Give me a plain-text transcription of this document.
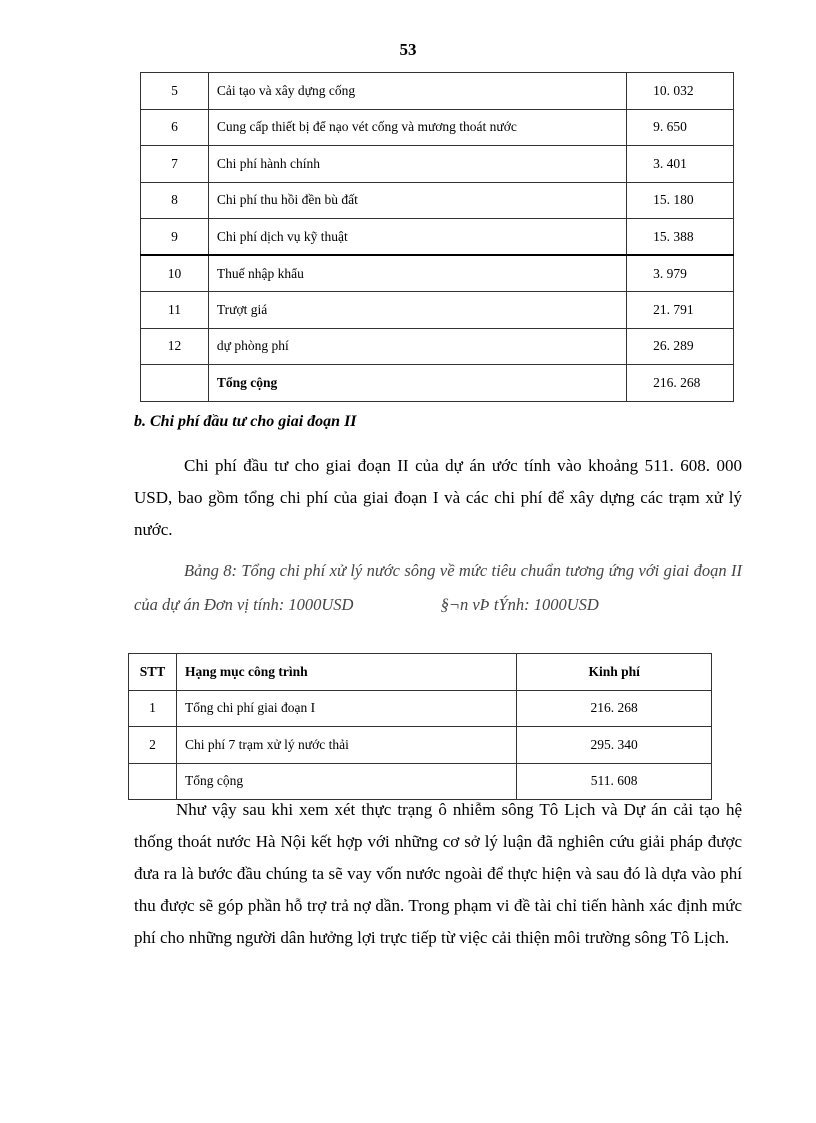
53
5	Cải tạo và xây dựng cống	10. 032
6	Cung cấp thiết bị để nạo vét cống và mương thoát nước	9. 650
7	Chi phí hành chính	3. 401
8	Chi phí thu hồi đền bù đất	15. 180
9	Chi phí dịch vụ kỹ thuật	15. 388
10	Thuế nhập khẩu	3. 979
11	Trượt giá	21. 791
12	dự phòng phí	26. 289
	Tổng cộng	216. 268
b. Chi phí đầu tư cho giai đoạn II
Chi phí đầu tư cho giai đoạn II của dự án ước tính vào khoảng 511. 608. 000 USD, bao gồm tổng chi phí của giai đoạn I và các chi phí để xây dựng các trạm xử lý nước.
Bảng 8: Tổng chi phí xử lý nước sông về mức tiêu chuẩn tương ứng với giai đoạn II của dự án Đơn vị tính: 1000USD	§¬n vÞ tÝnh: 1000USD
STT	Hạng mục công trình	Kinh phí
1	Tổng chi phí giai đoạn I	216. 268
2	Chi phí 7 trạm xử lý nước thải	295. 340
	Tổng cộng	511. 608
Như vậy sau khi xem xét thực trạng ô nhiễm sông Tô Lịch và Dự án cải tạo hệ thống thoát nước Hà Nội kết hợp với những cơ sở lý luận đã nghiên cứu giải pháp được đưa ra là bước đầu chúng ta sẽ vay vốn nước ngoài để thực hiện và sau đó là dựa vào phí thu được sẽ góp phần hỗ trợ trả nợ dần. Trong phạm vi đề tài chỉ tiến hành xác định mức phí cho những người dân hưởng lợi trực tiếp từ việc cải thiện môi trường sông Tô Lịch.
